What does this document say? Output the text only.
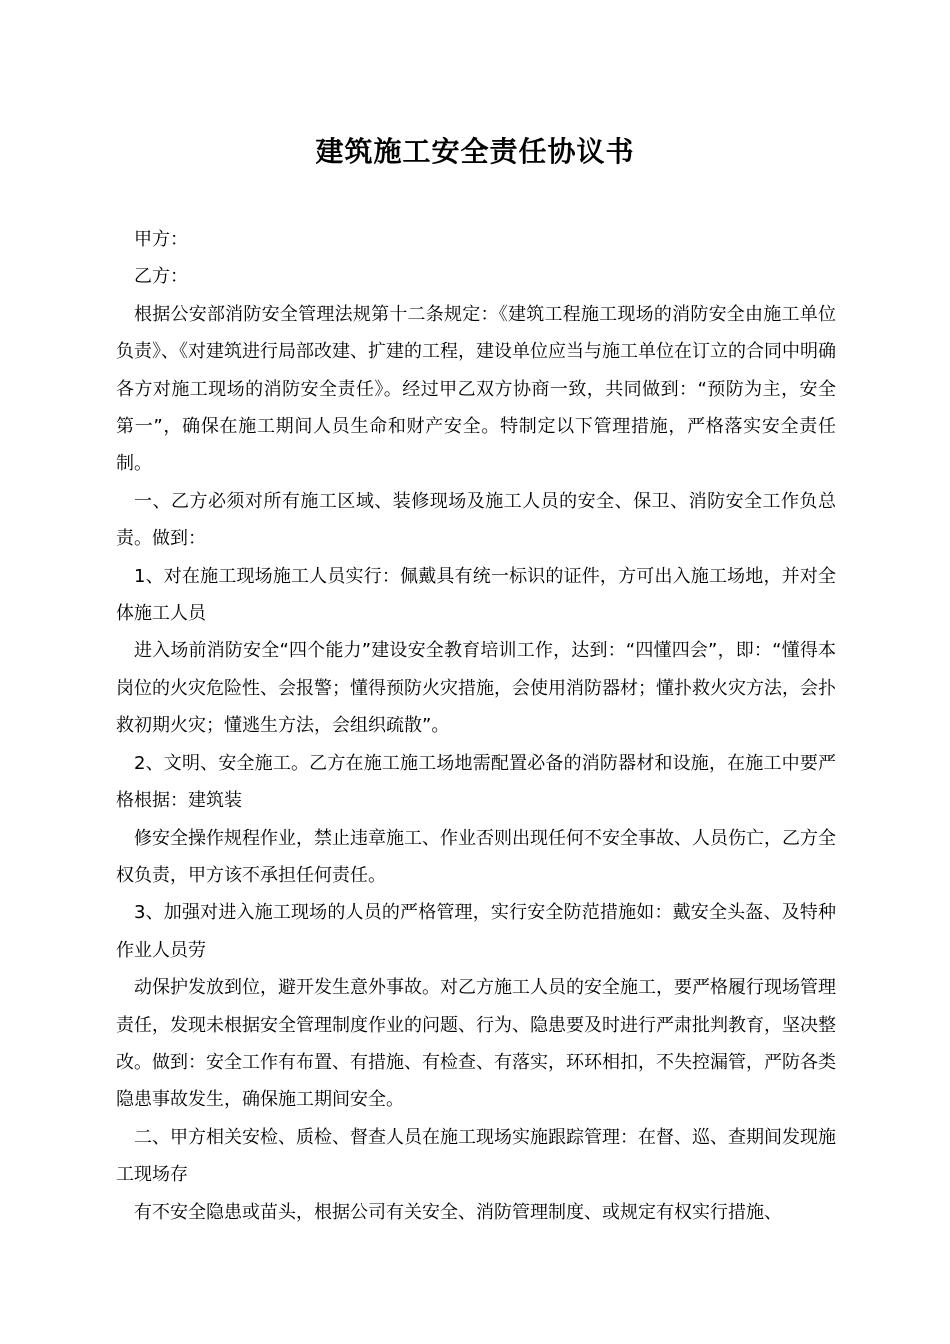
建筑施工安全责任协议书

甲方：

乙方：

根据公安部消防安全管理法规第十二条规定：《建筑工程施工现场的消防安全由施工单位负责》、《对建筑进行局部改建、扩建的工程，建设单位应当与施工单位在订立的合同中明确各方对施工现场的消防安全责任》。经过甲乙双方协商一致，共同做到：“预防为主，安全第一”，确保在施工期间人员生命和财产安全。特制定以下管理措施，严格落实安全责任制。

一、乙方必须对所有施工区域、装修现场及施工人员的安全、保卫、消防安全工作负总责。做到：

1、对在施工现场施工人员实行：佩戴具有统一标识的证件，方可出入施工场地，并对全体施工人员

进入场前消防安全“四个能力”建设安全教育培训工作，达到：“四懂四会”，即：“懂得本岗位的火灾危险性、会报警；懂得预防火灾措施，会使用消防器材；懂扑救火灾方法，会扑救初期火灾；懂逃生方法，会组织疏散”。

2、文明、安全施工。乙方在施工施工场地需配置必备的消防器材和设施，在施工中要严格根据：建筑装

修安全操作规程作业，禁止违章施工、作业否则出现任何不安全事故、人员伤亡，乙方全权负责，甲方该不承担任何责任。

3、加强对进入施工现场的人员的严格管理，实行安全防范措施如：戴安全头盔、及特种作业人员劳

动保护发放到位，避开发生意外事故。对乙方施工人员的安全施工，要严格履行现场管理责任，发现未根据安全管理制度作业的问题、行为、隐患要及时进行严肃批判教育，坚决整改。做到：安全工作有布置、有措施、有检查、有落实，环环相扣，不失控漏管，严防各类隐患事故发生，确保施工期间安全。

二、甲方相关安检、质检、督查人员在施工现场实施跟踪管理：在督、巡、查期间发现施工现场存

有不安全隐患或苗头，根据公司有关安全、消防管理制度、或规定有权实行措施、
